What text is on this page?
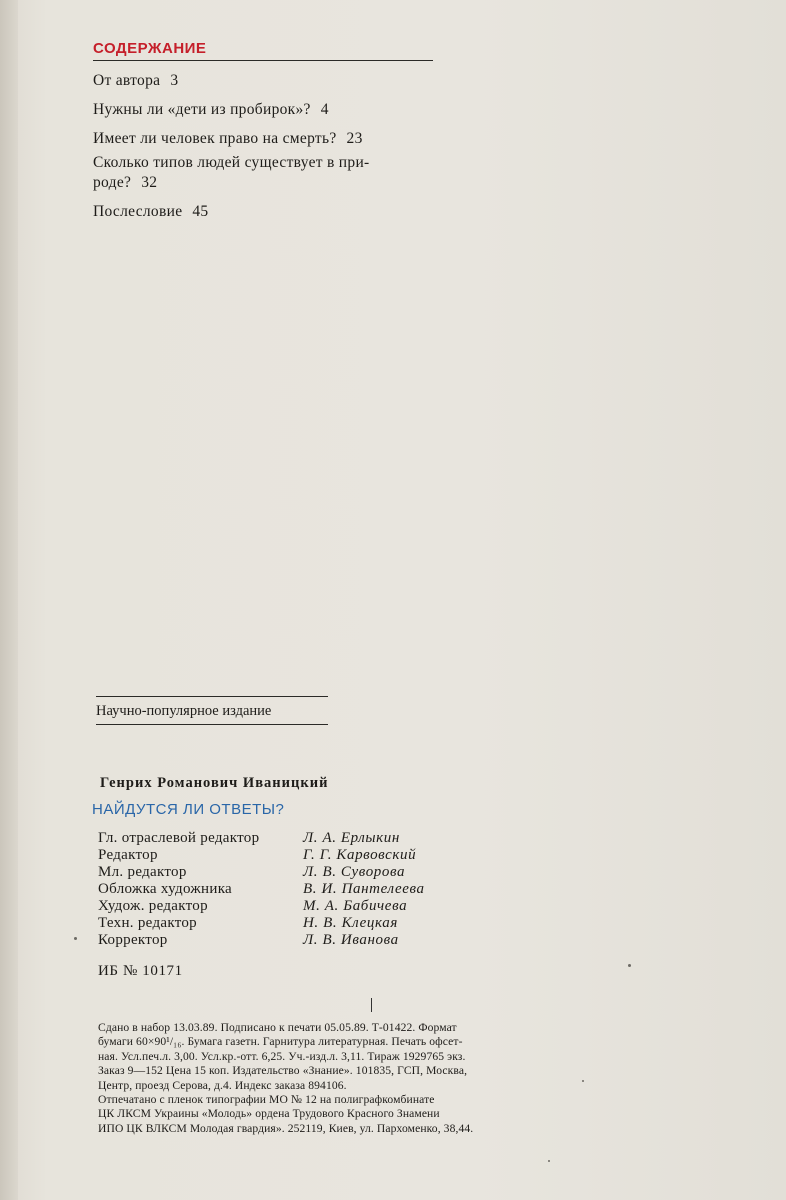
СОДЕРЖАНИЕ
От автора 3
Нужны ли «дети из пробирок»? 4
Имеет ли человек право на смерть? 23
Сколько типов людей существует в при-
роде? 32
Послесловие 45
Научно-популярное издание
Генрих Романович Иваницкий
НАЙДУТСЯ ЛИ ОТВЕТЫ?
Гл. отраслевой редактор	Л. А. Ерлыкин
Редактор	Г. Г. Карвовский
Мл. редактор	Л. В. Суворова
Обложка художника	В. И. Пантелеева
Худож. редактор	М. А. Бабичева
Техн. редактор	Н. В. Клецкая
Корректор	Л. В. Иванова
ИБ № 10171
Сдано в набор 13.03.89. Подписано к печати 05.05.89. Т-01422. Формат
бумаги 60×90¹/₁₆. Бумага газетн. Гарнитура литературная. Печать офсет-
ная. Усл.печ.л. 3,00. Усл.кр.-отт. 6,25. Уч.-изд.л. 3,11. Тираж 1929765 экз.
Заказ 9—152 Цена 15 коп. Издательство «Знание». 101835, ГСП, Москва,
Центр, проезд Серова, д.4. Индекс заказа 894106.
Отпечатано с пленок типографии МО № 12 на полиграфкомбинате
ЦК ЛКСМ Украины «Молодь» ордена Трудового Красного Знамени
ИПО ЦК ВЛКСМ Молодая гвардия». 252119, Киев, ул. Пархоменко, 38,44.
